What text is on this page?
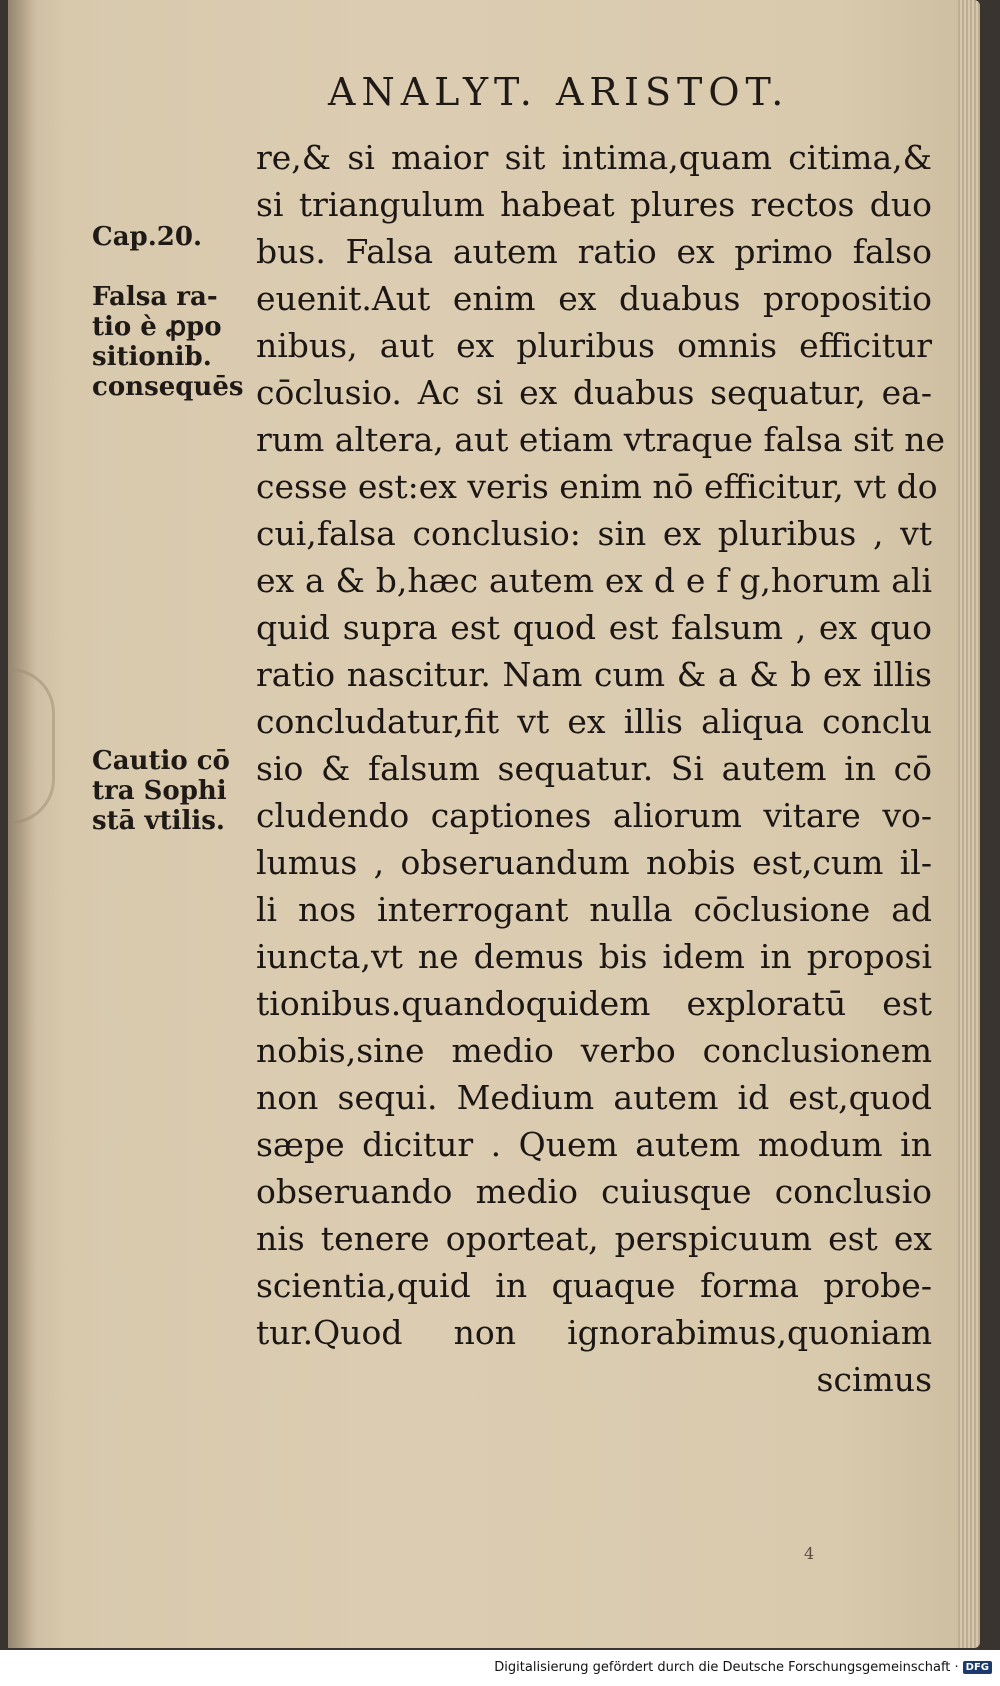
ANALYT. ARISTOT.
Cap.20.
Falsa ra-
tio è ꝓpo
sitionib.
consequēs
Cautio cō
tra Sophi
stā vtilis.
re,& si maior sit intima,quam citima,&
si triangulum habeat plures rectos duo
bus. Falsa autem ratio ex primo falso
euenit.Aut enim ex duabus propositio
nibus, aut ex pluribus omnis efficitur
cōclusio. Ac si ex duabus sequatur, ea-
rum altera, aut etiam vtraque falsa sit ne
cesse est:ex veris enim nō efficitur, vt do
cui,falsa conclusio: sin ex pluribus , vt
ex a & b,hæc autem ex d e f g,horum ali
quid supra est quod est falsum , ex quo
ratio nascitur. Nam cum & a & b ex illis
concludatur,fit vt ex illis aliqua conclu
sio & falsum sequatur. Si autem in cō
cludendo captiones aliorum vitare vo-
lumus , obseruandum nobis est,cum il-
li nos interrogant nulla cōclusione ad
iuncta,vt ne demus bis idem in proposi
tionibus.quandoquidem exploratū est
nobis,sine medio verbo conclusionem
non sequi. Medium autem id est,quod
sæpe dicitur . Quem autem modum in
obseruando medio cuiusque conclusio
nis tenere oporteat, perspicuum est ex
scientia,quid in quaque forma probe-
tur.Quod non ignorabimus,quoniam
scimus
4
Digitalisierung gefördert durch die Deutsche Forschungsgemeinschaft · DFG
